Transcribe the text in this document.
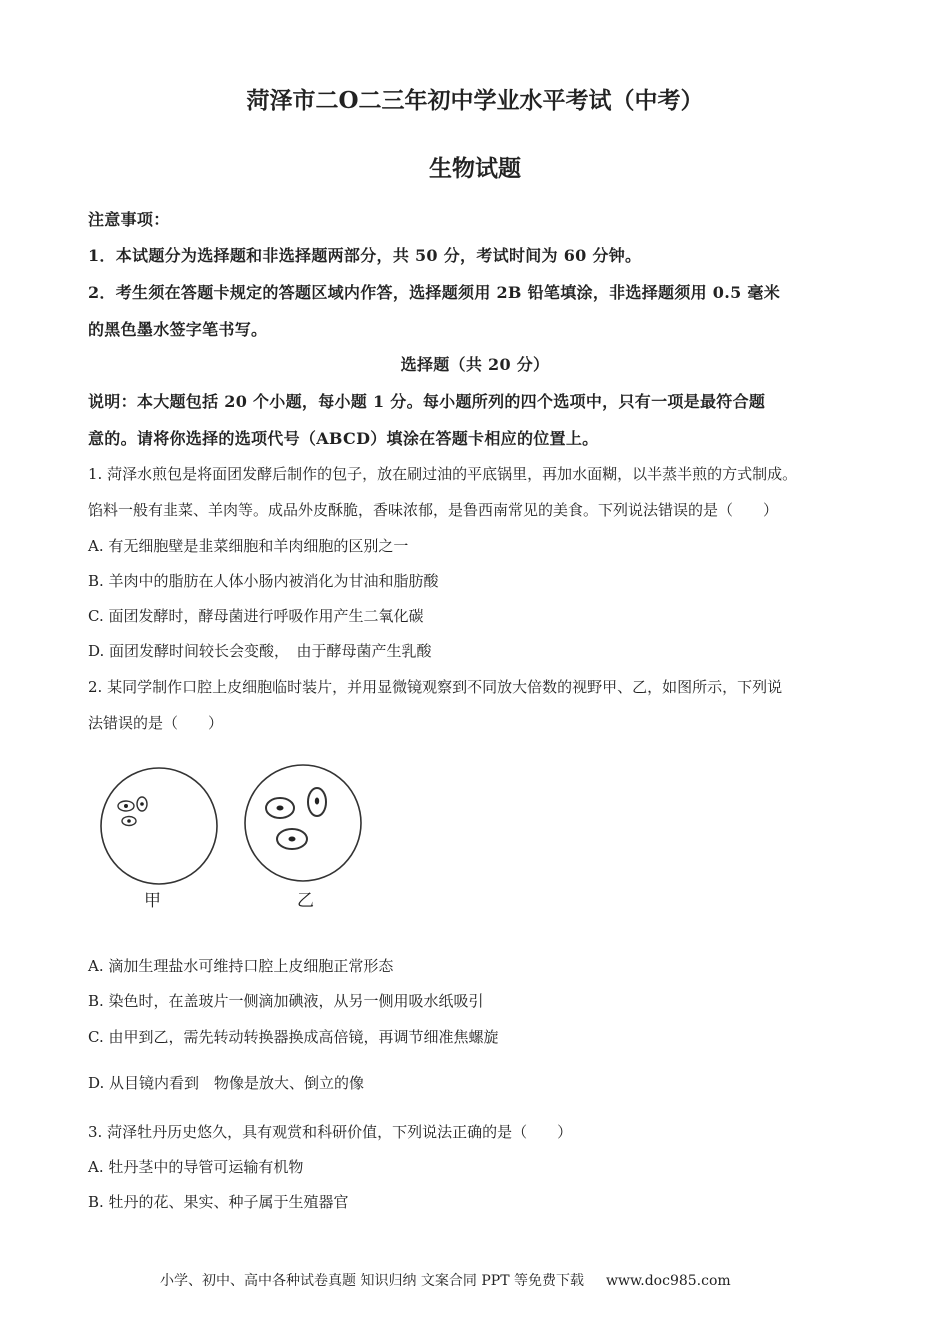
菏泽市二O二三年初中学业水平考试（中考）
生物试题
注意事项：
1．本试题分为选择题和非选择题两部分，共 50 分，考试时间为 60 分钟。
2．考生须在答题卡规定的答题区域内作答，选择题须用 2B 铅笔填涂，非选择题须用 0.5 毫米
的黑色墨水签字笔书写。
选择题（共 20 分）
说明：本大题包括 20 个小题，每小题 1 分。每小题所列的四个选项中，只有一项是最符合题
意的。请将你选择的选项代号（ABCD）填涂在答题卡相应的位置上。
1. 菏泽水煎包是将面团发酵后制作的包子，放在刷过油的平底锅里，再加水面糊，以半蒸半煎的方式制成。
馅料一般有韭菜、羊肉等。成品外皮酥脆，香味浓郁，是鲁西南常见的美食。下列说法错误的是（　　）
A. 有无细胞壁是韭菜细胞和羊肉细胞的区别之一
B. 羊肉中的脂肪在人体小肠内被消化为甘油和脂肪酸
C. 面团发酵时，酵母菌进行呼吸作用产生二氧化碳
D. 面团发酵时间较长会变酸，　由于酵母菌产生乳酸
2. 某同学制作口腔上皮细胞临时装片，并用显微镜观察到不同放大倍数的视野甲、乙，如图所示，下列说
法错误的是（　　）
甲	乙
A. 滴加生理盐水可维持口腔上皮细胞正常形态
B. 染色时，在盖玻片一侧滴加碘液，从另一侧用吸水纸吸引
C. 由甲到乙，需先转动转换器换成高倍镜，再调节细准焦螺旋
D. 从目镜内看到　物像是放大、倒立的像
3. 菏泽牡丹历史悠久，具有观赏和科研价值，下列说法正确的是（　　）
A. 牡丹茎中的导管可运输有机物
B. 牡丹的花、果实、种子属于生殖器官
小学、初中、高中各种试卷真题 知识归纳 文案合同 PPT 等免费下载 www.doc985.com
